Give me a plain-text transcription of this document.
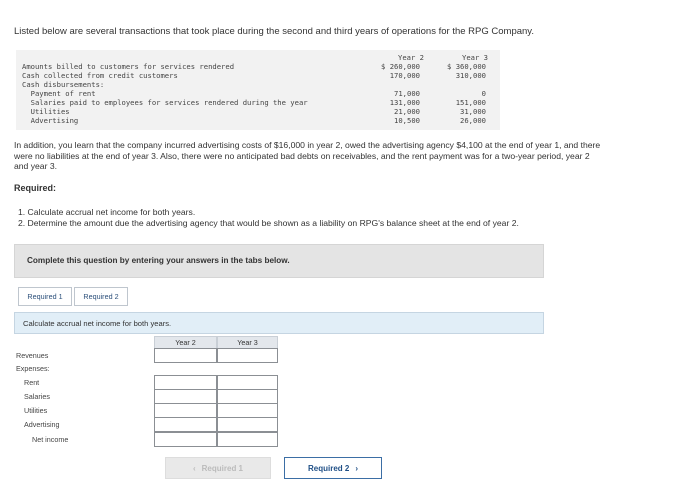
Listed below are several transactions that took place during the second and third years of operations for the RPG Company.
Year 2	Year 3
Amounts billed to customers for services rendered	$ 260,000	$ 360,000
Cash collected from credit customers	170,000	310,000
Cash disbursements:
Payment of rent	71,000	0
Salaries paid to employees for services rendered during the year	131,000	151,000
Utilities	21,000	31,000
Advertising	10,500	26,000
In addition, you learn that the company incurred advertising costs of $16,000 in year 2, owed the advertising agency $4,100 at the end of year 1, and there were no liabilities at the end of year 3. Also, there were no anticipated bad debts on receivables, and the rent payment was for a two-year period, year 2 and year 3.
Required:
1. Calculate accrual net income for both years.
2. Determine the amount due the advertising agency that would be shown as a liability on RPG's balance sheet at the end of year 2.
Complete this question by entering your answers in the tabs below.
Required 1	Required 2
Calculate accrual net income for both years.
Year 2	Year 3
Revenues
Expenses:
Rent
Salaries
Utilities
Advertising
Net income
‹ Required 1	Required 2 ›
